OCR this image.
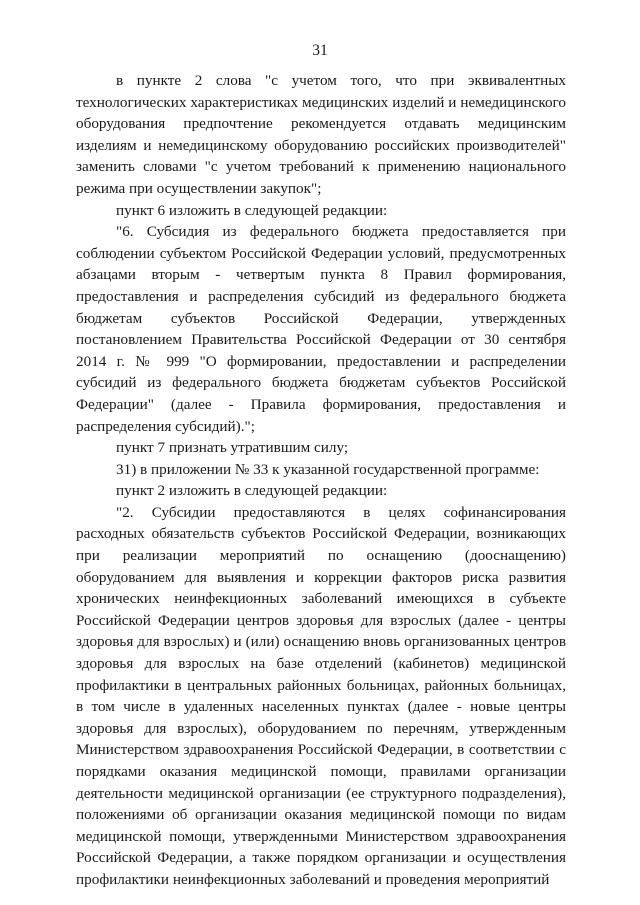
31

в пункте 2 слова "с учетом того, что при эквивалентных технологических характеристиках медицинских изделий и немедицинского оборудования предпочтение рекомендуется отдавать медицинским изделиям и немедицинскому оборудованию российских производителей" заменить словами "с учетом требований к применению национального режима при осуществлении закупок";

пункт 6 изложить в следующей редакции:

"6. Субсидия из федерального бюджета предоставляется при соблюдении субъектом Российской Федерации условий, предусмотренных абзацами вторым - четвертым пункта 8 Правил формирования, предоставления и распределения субсидий из федерального бюджета бюджетам субъектов Российской Федерации, утвержденных постановлением Правительства Российской Федерации от 30 сентября 2014 г. № 999 "О формировании, предоставлении и распределении субсидий из федерального бюджета бюджетам субъектов Российской Федерации" (далее - Правила формирования, предоставления и распределения субсидий).";

пункт 7 признать утратившим силу;

31) в приложении № 33 к указанной государственной программе:

пункт 2 изложить в следующей редакции:

"2. Субсидии предоставляются в целях софинансирования расходных обязательств субъектов Российской Федерации, возникающих при реализации мероприятий по оснащению (дооснащению) оборудованием для выявления и коррекции факторов риска развития хронических неинфекционных заболеваний имеющихся в субъекте Российской Федерации центров здоровья для взрослых (далее - центры здоровья для взрослых) и (или) оснащению вновь организованных центров здоровья для взрослых на базе отделений (кабинетов) медицинской профилактики в центральных районных больницах, районных больницах, в том числе в удаленных населенных пунктах (далее - новые центры здоровья для взрослых), оборудованием по перечням, утвержденным Министерством здравоохранения Российской Федерации, в соответствии с порядками оказания медицинской помощи, правилами организации деятельности медицинской организации (ее структурного подразделения), положениями об организации оказания медицинской помощи по видам медицинской помощи, утвержденными Министерством здравоохранения Российской Федерации, а также порядком организации и осуществления профилактики неинфекционных заболеваний и проведения мероприятий
